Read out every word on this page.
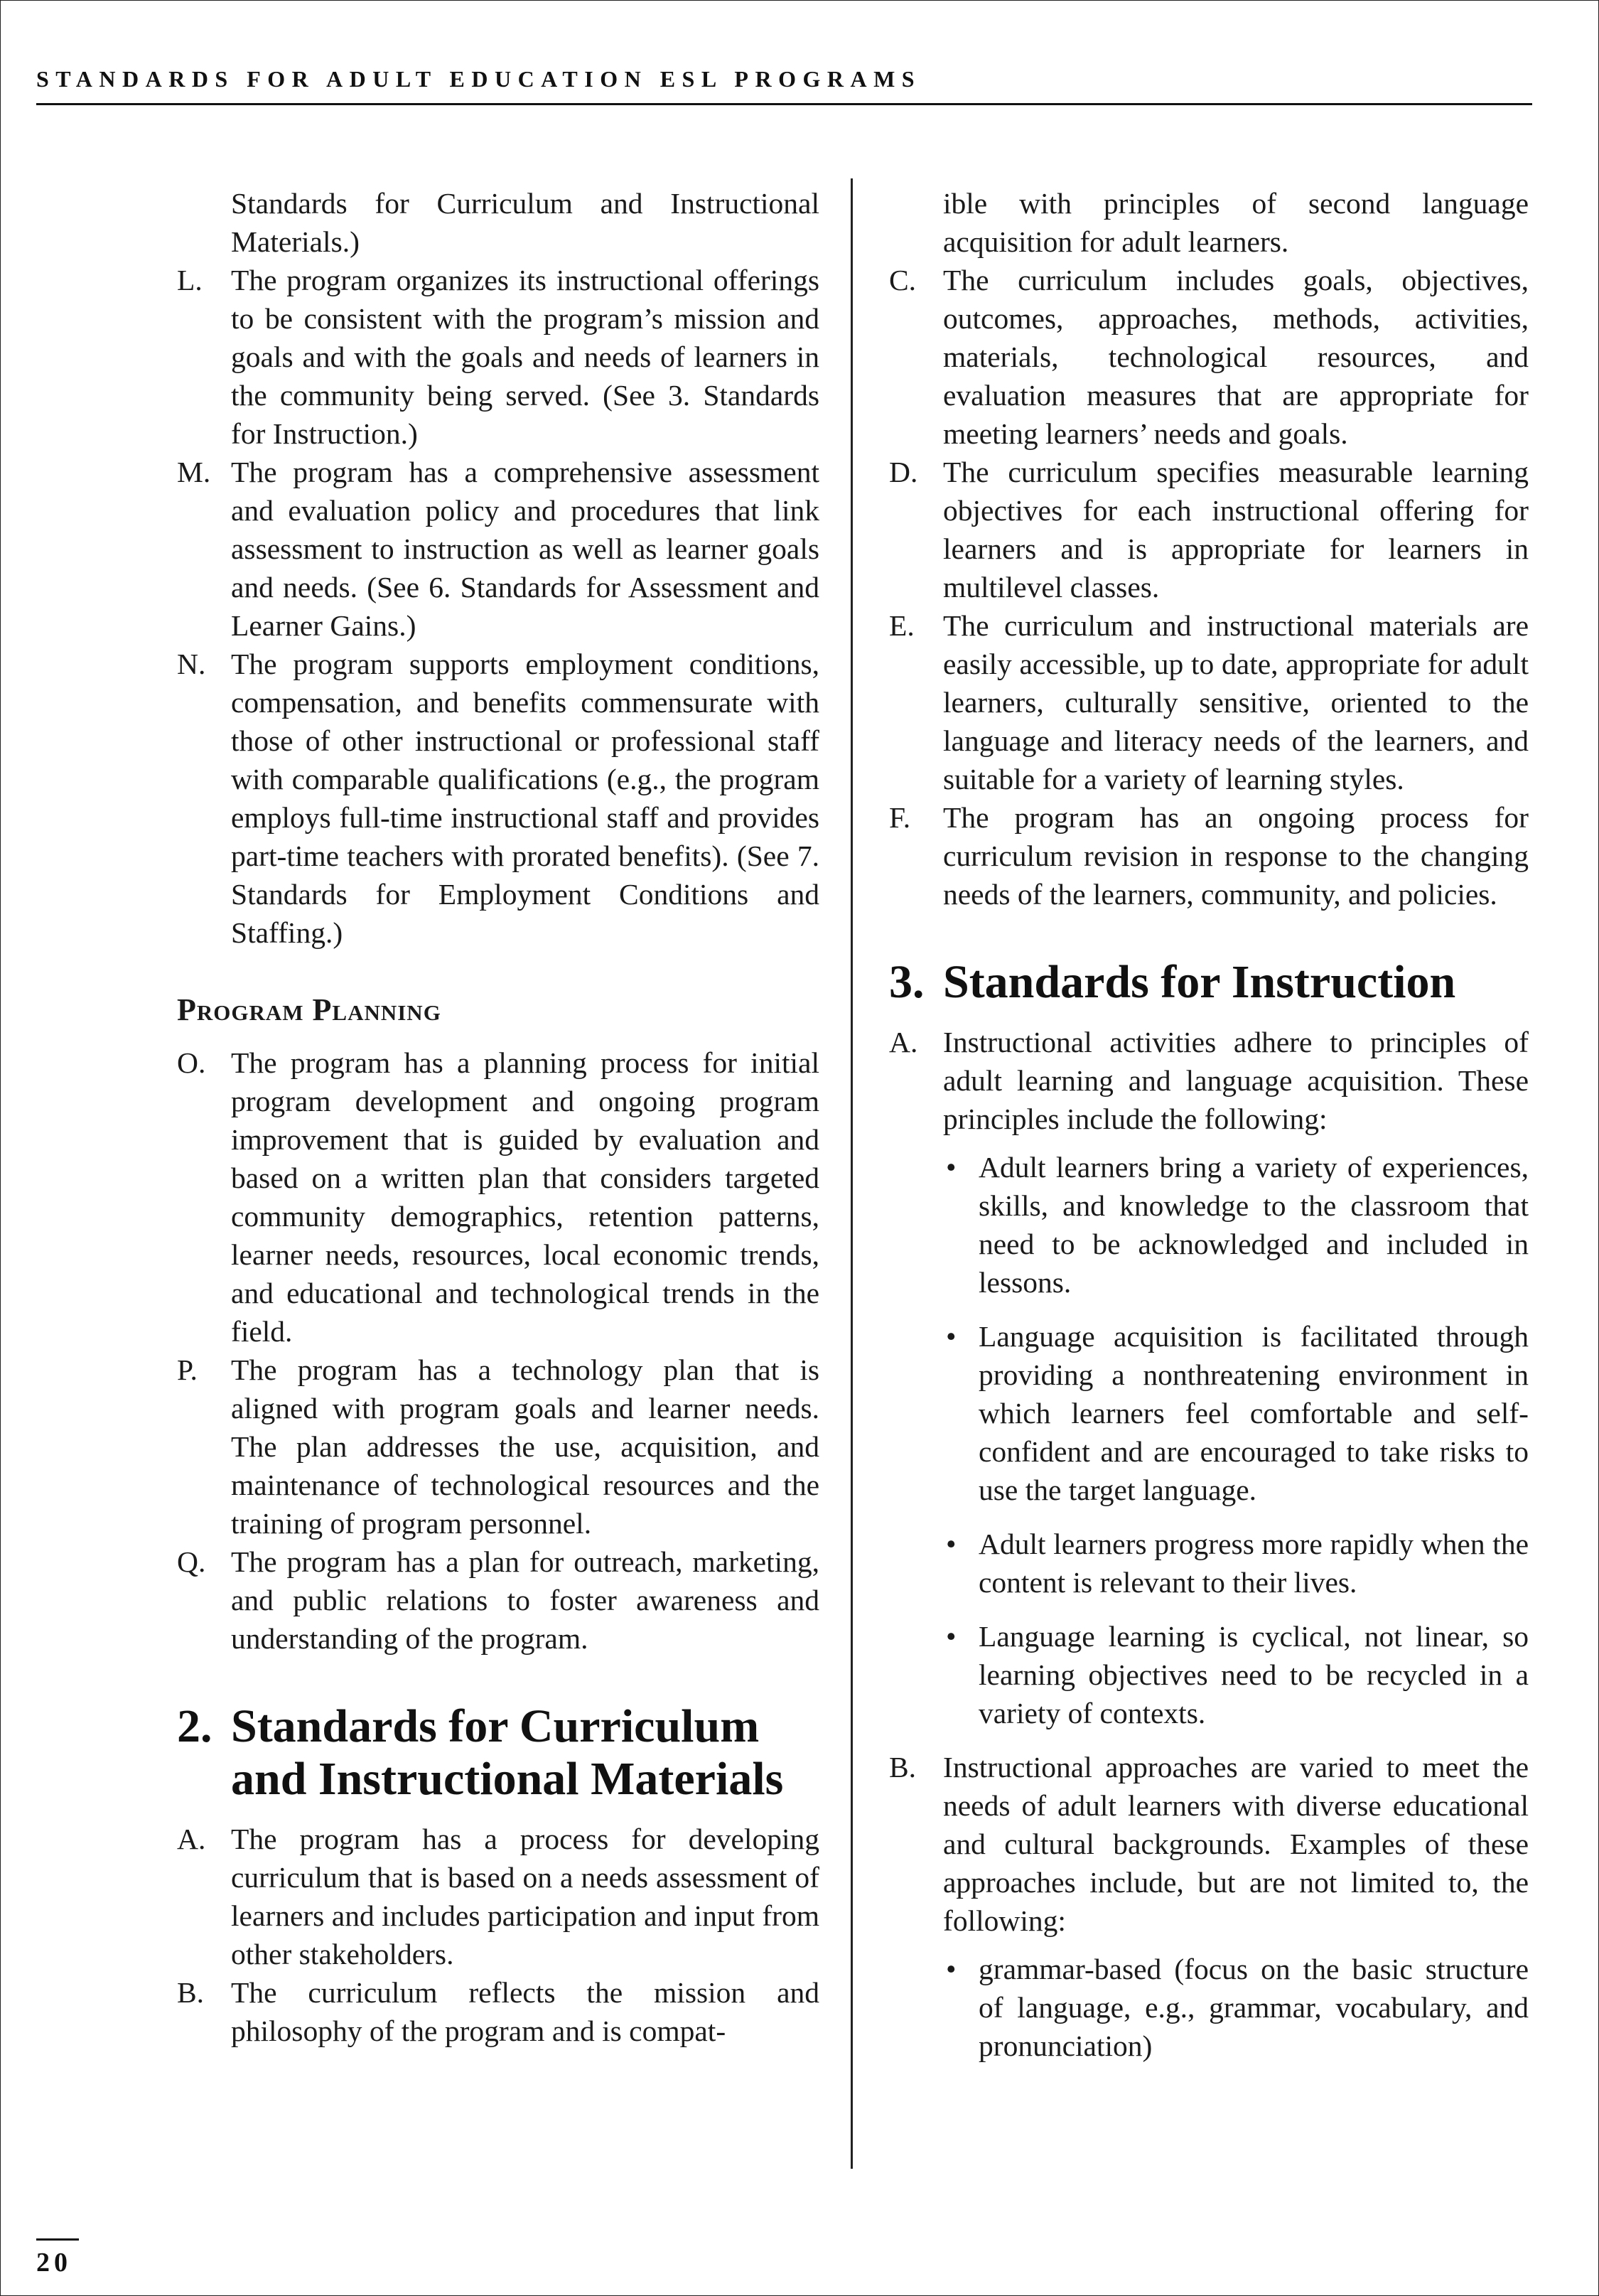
STANDARDS FOR ADULT EDUCATION ESL PROGRAMS
Standards for Curriculum and Instructional Materials.)
L. The program organizes its instructional offerings to be consistent with the program’s mission and goals and with the goals and needs of learners in the community being served. (See 3. Standards for Instruction.)
M. The program has a comprehensive assessment and evaluation policy and procedures that link assessment to instruction as well as learner goals and needs. (See 6. Standards for Assessment and Learner Gains.)
N. The program supports employment conditions, compensation, and benefits commensurate with those of other instructional or professional staff with comparable qualifications (e.g., the program employs full-time instructional staff and provides part-time teachers with prorated benefits). (See 7. Standards for Employment Conditions and Staffing.)
Program Planning
O. The program has a planning process for initial program development and ongoing program improvement that is guided by evaluation and based on a written plan that considers targeted community demographics, retention patterns, learner needs, resources, local economic trends, and educational and technological trends in the field.
P. The program has a technology plan that is aligned with program goals and learner needs. The plan addresses the use, acquisition, and maintenance of technological resources and the training of program personnel.
Q. The program has a plan for outreach, marketing, and public relations to foster awareness and understanding of the program.
2. Standards for Curriculum and Instructional Materials
A. The program has a process for developing curriculum that is based on a needs assessment of learners and includes participation and input from other stakeholders.
B. The curriculum reflects the mission and philosophy of the program and is compat-
ible with principles of second language acquisition for adult learners.
C. The curriculum includes goals, objectives, outcomes, approaches, methods, activities, materials, technological resources, and evaluation measures that are appropriate for meeting learners’ needs and goals.
D. The curriculum specifies measurable learning objectives for each instructional offering for learners and is appropriate for learners in multilevel classes.
E. The curriculum and instructional materials are easily accessible, up to date, appropriate for adult learners, culturally sensitive, oriented to the language and literacy needs of the learners, and suitable for a variety of learning styles.
F. The program has an ongoing process for curriculum revision in response to the changing needs of the learners, community, and policies.
3. Standards for Instruction
A. Instructional activities adhere to principles of adult learning and language acquisition. These principles include the following:
• Adult learners bring a variety of experiences, skills, and knowledge to the classroom that need to be acknowledged and included in lessons.
• Language acquisition is facilitated through providing a nonthreatening environment in which learners feel comfortable and self-confident and are encouraged to take risks to use the target language.
• Adult learners progress more rapidly when the content is relevant to their lives.
• Language learning is cyclical, not linear, so learning objectives need to be recycled in a variety of contexts.
B. Instructional approaches are varied to meet the needs of adult learners with diverse educational and cultural backgrounds. Examples of these approaches include, but are not limited to, the following:
• grammar-based (focus on the basic structure of language, e.g., grammar, vocabulary, and pronunciation)
20
